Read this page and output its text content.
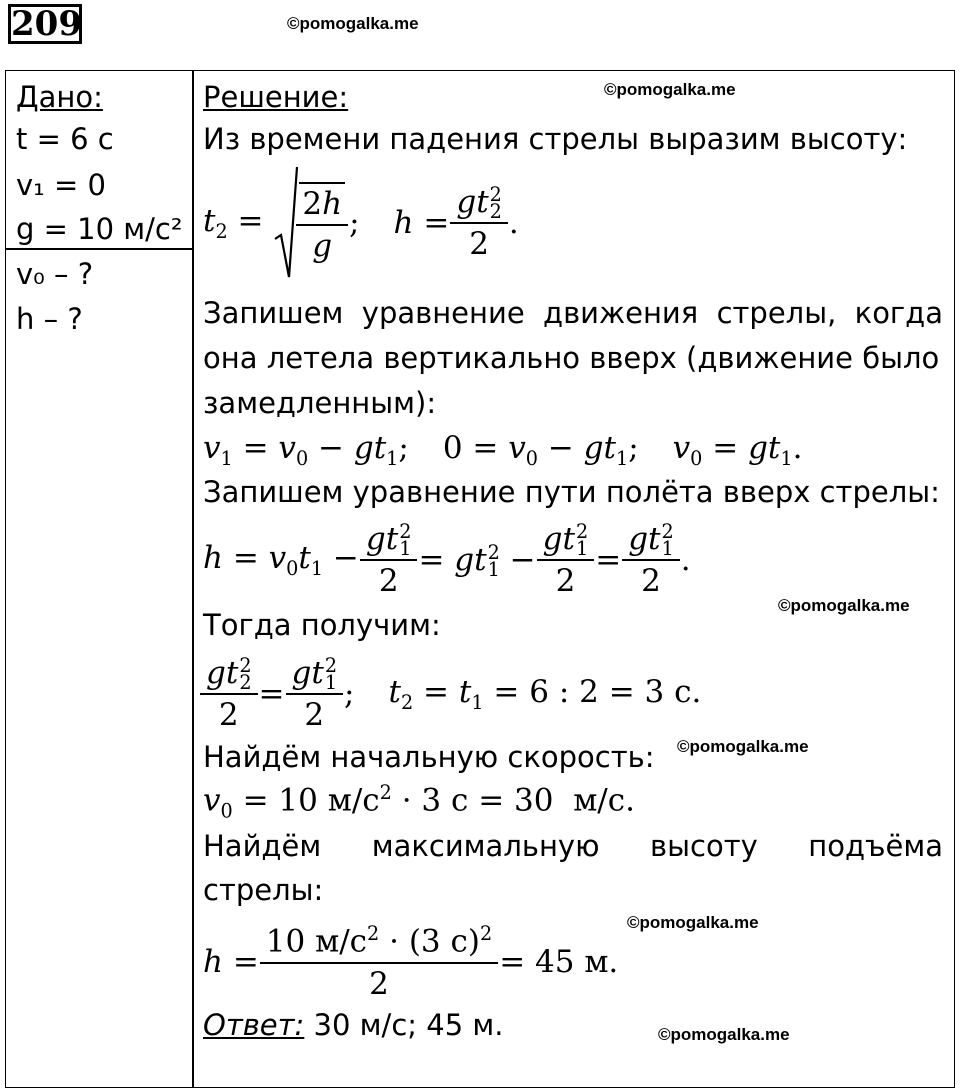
209	©pomogalka.me
©pomogalka.me
©pomogalka.me
©pomogalka.me
©pomogalka.me
©pomogalka.me
Дано:
t = 6 с
v₁ = 0
g = 10 м/с²
v₀ – ?
h – ?
Решение:
Из времени падения стрелы выразим высоту:
$t_2 = \frac{2h}{g}$ ; h = gt 2
2
2 .
Запишем уравнение движения стрелы, когда
она летела вертикально вверх (движение было
замедленным):
$v_1 = v_0 - gt_1$; $0 = v_0 - gt_1$; $v_0 = gt_1$.
Запишем уравнение пути полёта вверх стрелы:
$h = v_0t_1$ − gt 2
1
2 = gt 2
1 − gt 2
1
2 = gt 2
1
2 .
Тогда получим:
gt 2
2
2 = gt 2
1
2 ; $t_2 = t_1 = 6$ : 2 = 3 с.
Найдём начальную скорость:
$v_0 = 10$ $м/с^2 \cdot 3$ с = 30  м/с.
Найдём максимальную высоту подъёма
стрелы:
$h = \frac{10 м/с^2 \cdot (3 с)^2}{2} = 45$ м.
Ответ: 30 м/с; 45 м.
